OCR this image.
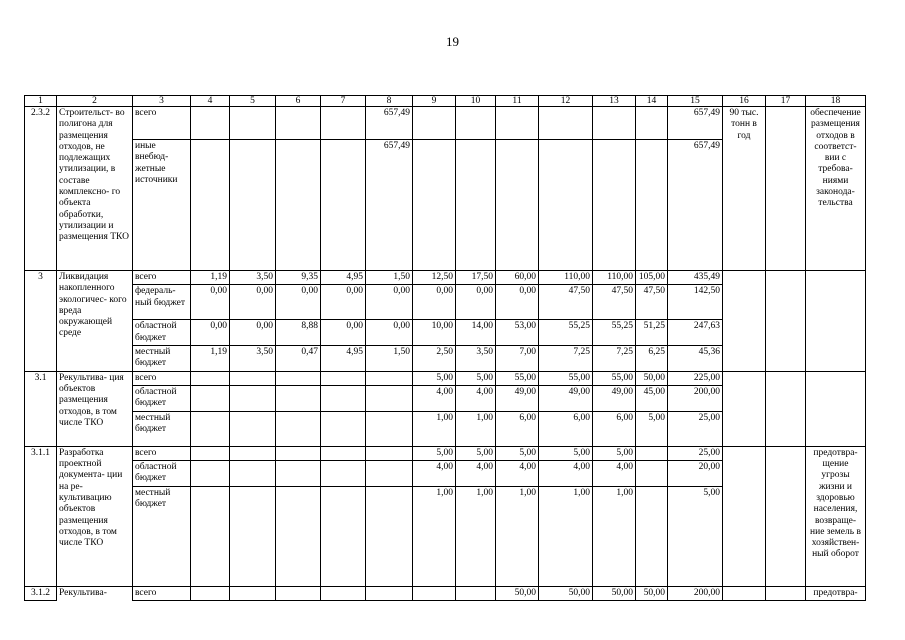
19
1	2	3	4	5	6	7	8	9	10	11	12	13	14	15	16	17	18
2.3.2	Строительст- во полигона для размещения отходов, не подлежащих утилизации, в составе комплексно- го объекта обработки, утилизации и размещения ТКО	всего					657,49							657,49	90 тыс. тонн в год		обеспечение размещения отходов в соответст- вии с требова- ниями законода- тельства
		иные внебюд- жетные источники					657,49							657,49			
3	Ликвидация накопленного экологичес- кого вреда окружающей среде	всего	1,19	3,50	9,35	4,95	1,50	12,50	17,50	60,00	110,00	110,00	105,00	435,49			
		федераль- ный бюджет	0,00	0,00	0,00	0,00	0,00	0,00	0,00	0,00	47,50	47,50	47,50	142,50			
		областной бюджет	0,00	0,00	8,88	0,00	0,00	10,00	14,00	53,00	55,25	55,25	51,25	247,63			
		местный бюджет	1,19	3,50	0,47	4,95	1,50	2,50	3,50	7,00	7,25	7,25	6,25	45,36			
3.1	Рекультива- ция объектов размещения отходов, в том числе ТКО	всего						5,00	5,00	55,00	55,00	55,00	50,00	225,00			
		областной бюджет						4,00	4,00	49,00	49,00	49,00	45,00	200,00			
		местный бюджет						1,00	1,00	6,00	6,00	6,00	5,00	25,00			
3.1.1	Разработка проектной документа- ции на ре- культивацию объектов размещения отходов, в том числе ТКО	всего						5,00	5,00	5,00	5,00	5,00		25,00			предотвра- щение угрозы жизни и здоровью населения, возвраще- ние земель в хозяйствен- ный оборот
		областной бюджет						4,00	4,00	4,00	4,00	4,00		20,00			
		местный бюджет						1,00	1,00	1,00	1,00	1,00		5,00			
3.1.2	Рекультива-	всего								50,00	50,00	50,00	50,00	200,00			предотвра-
